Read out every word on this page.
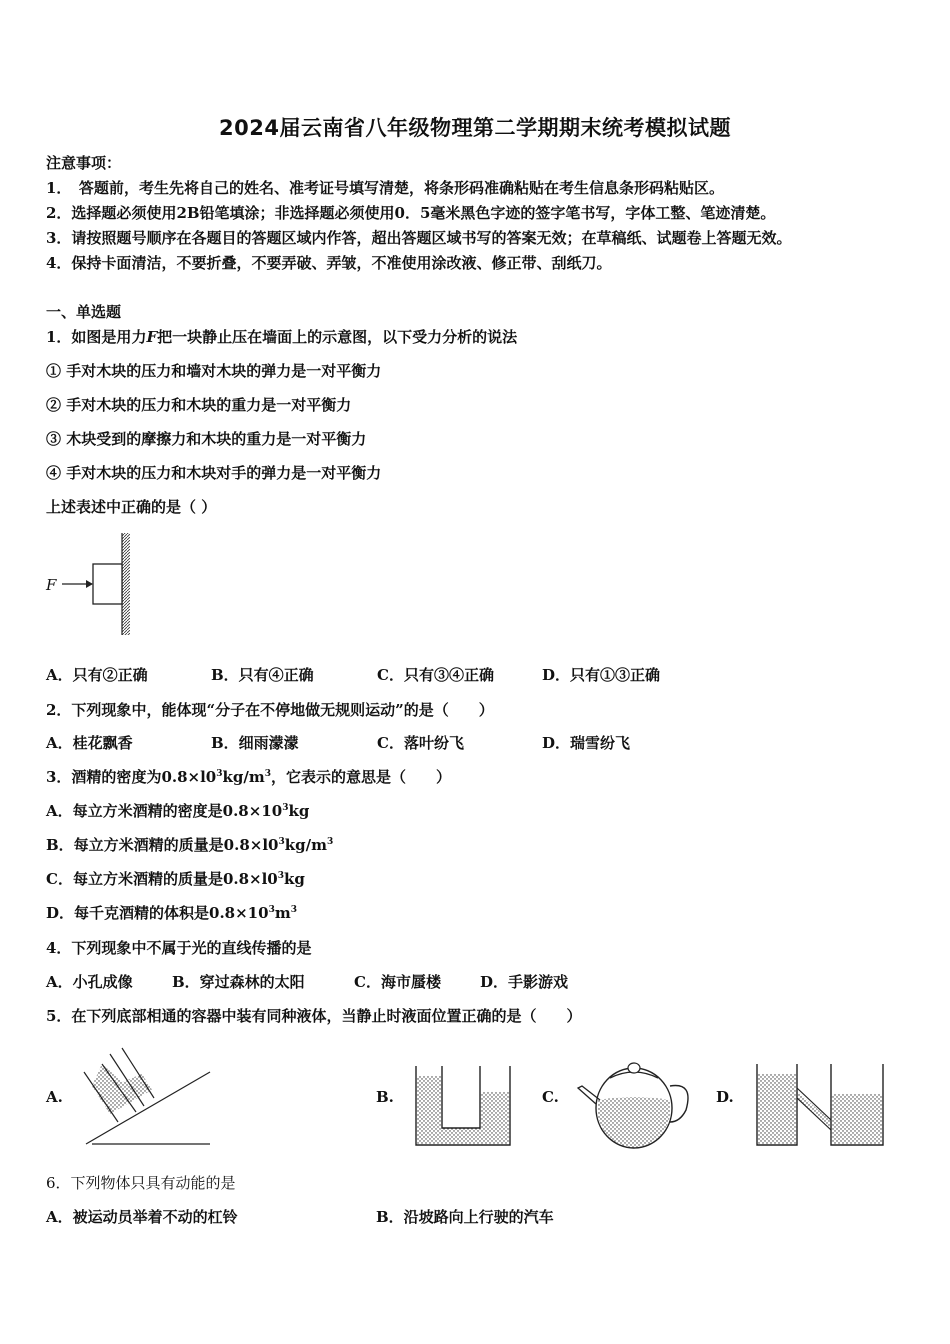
2024届云南省八年级物理第二学期期末统考模拟试题
注意事项：
1．　答题前，考生先将自己的姓名、准考证号填写清楚，将条形码准确粘贴在考生信息条形码粘贴区。
2．选择题必须使用2B铅笔填涂；非选择题必须使用0．5毫米黑色字迹的签字笔书写，字体工整、笔迹清楚。
3．请按照题号顺序在各题目的答题区域内作答，超出答题区域书写的答案无效；在草稿纸、试题卷上答题无效。
4．保持卡面清洁，不要折叠，不要弄破、弄皱，不准使用涂改液、修正带、刮纸刀。
一、单选题
1．如图是用力F把一块静止压在墙面上的示意图，以下受力分析的说法
① 手对木块的压力和墙对木块的弹力是一对平衡力
② 手对木块的压力和木块的重力是一对平衡力
③ 木块受到的摩擦力和木块的重力是一对平衡力
④ 手对木块的压力和木块对手的弹力是一对平衡力
上述表述中正确的是（ ）
F
A．只有②正确	B．只有④正确	C．只有③④正确	D．只有①③正确
2．下列现象中，能体现“分子在不停地做无规则运动”的是（　　）
A．桂花飘香	B．细雨濛濛	C．落叶纷飞	D．瑞雪纷飞
3．酒精的密度为$0.8\times l0^3kg/m^3$，它表示的意思是（　　）
A．每立方米酒精的密度是$0.8\times 10^3kg$
B．每立方米酒精的质量是$0.8\times l0^3kg/m^3$
C．每立方米酒精的质量是$0.8\times l0^3kg$
D．每千克酒精的体积是$0.8\times 10^3m^3$
4．下列现象中不属于光的直线传播的是
A．小孔成像	B．穿过森林的太阳	C．海市蜃楼	D．手影游戏
5．在下列底部相通的容器中装有同种液体，当静止时液面位置正确的是（　　）
A.	B.	C.	D.
6．下列物体只具有动能的是
A．被运动员举着不动的杠铃	B．沿坡路向上行驶的汽车
